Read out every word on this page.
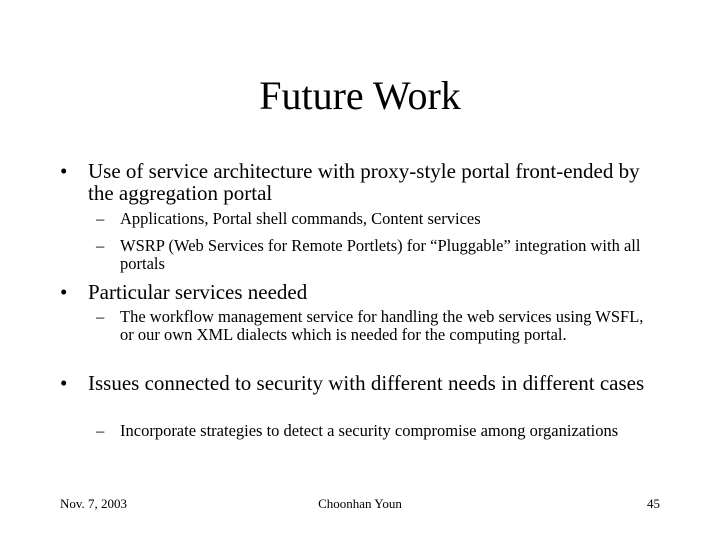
Future Work
• Use of service architecture with proxy-style portal front-ended by the aggregation portal
– Applications, Portal shell commands, Content services
– WSRP (Web Services for Remote Portlets) for “Pluggable” integration with all portals
• Particular services needed
– The workflow management service for handling the web services using WSFL, or our own XML dialects which is needed for the computing portal.
• Issues connected to security with different needs in different cases
– Incorporate strategies to detect a security compromise among organizations
Nov. 7, 2003	Choonhan Youn	45
